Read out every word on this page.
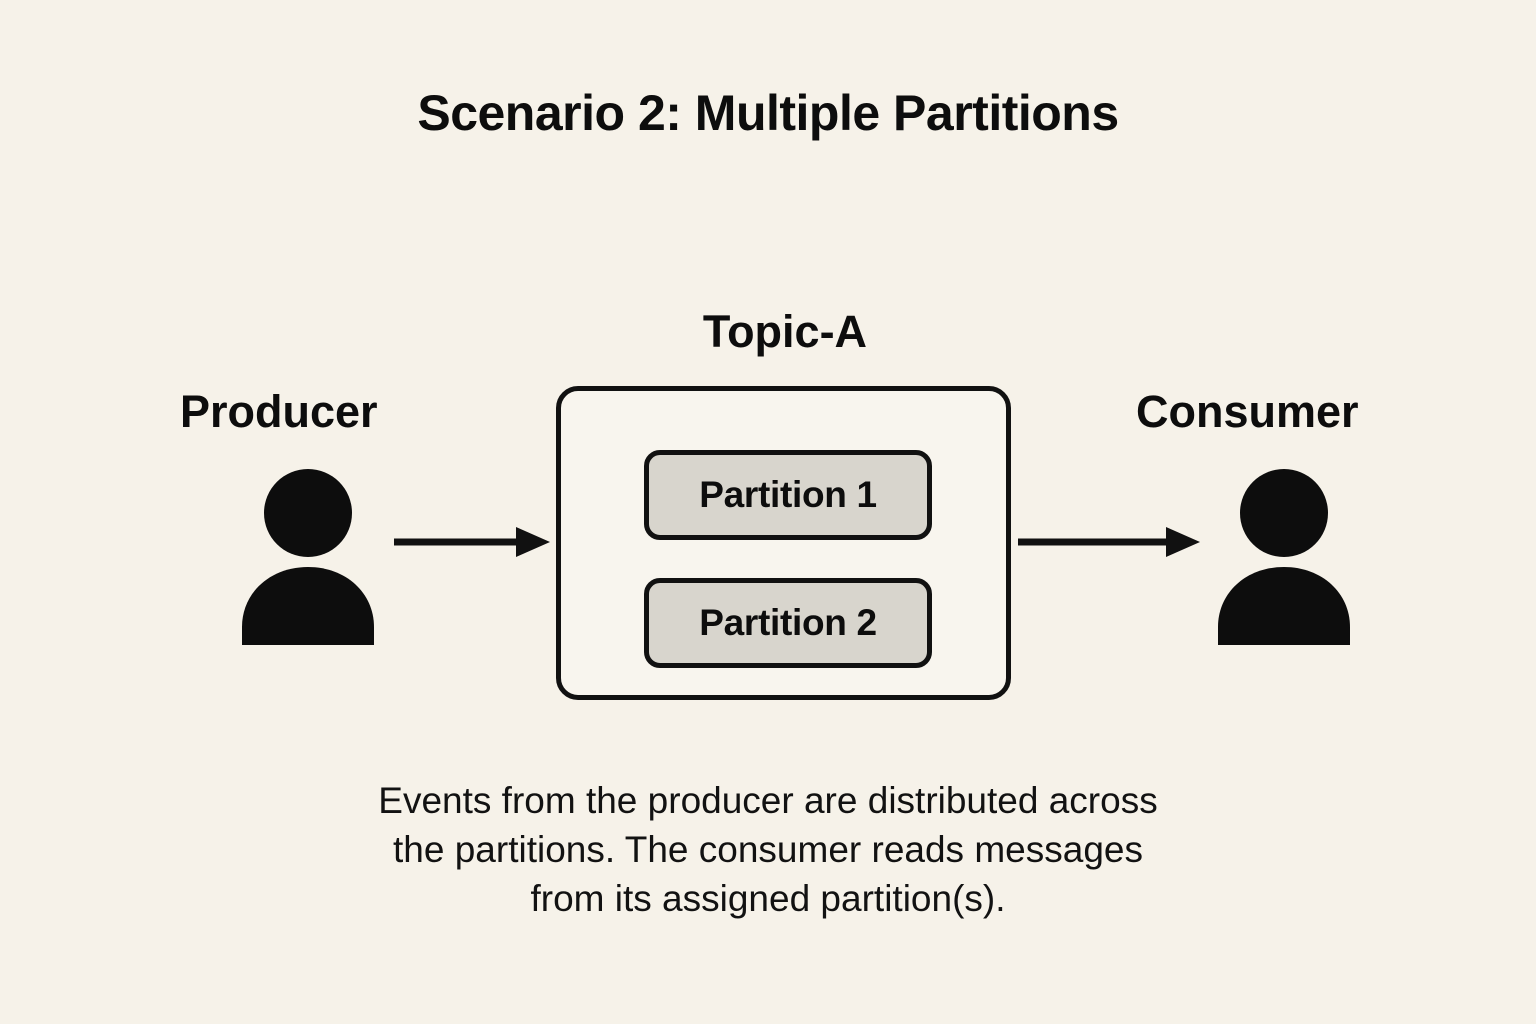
Scenario 2: Multiple Partitions
Producer
Topic-A
Partition 1
Partition 2
Consumer
Events from the producer are distributed across
the partitions. The consumer reads messages
from its assigned partition(s).
